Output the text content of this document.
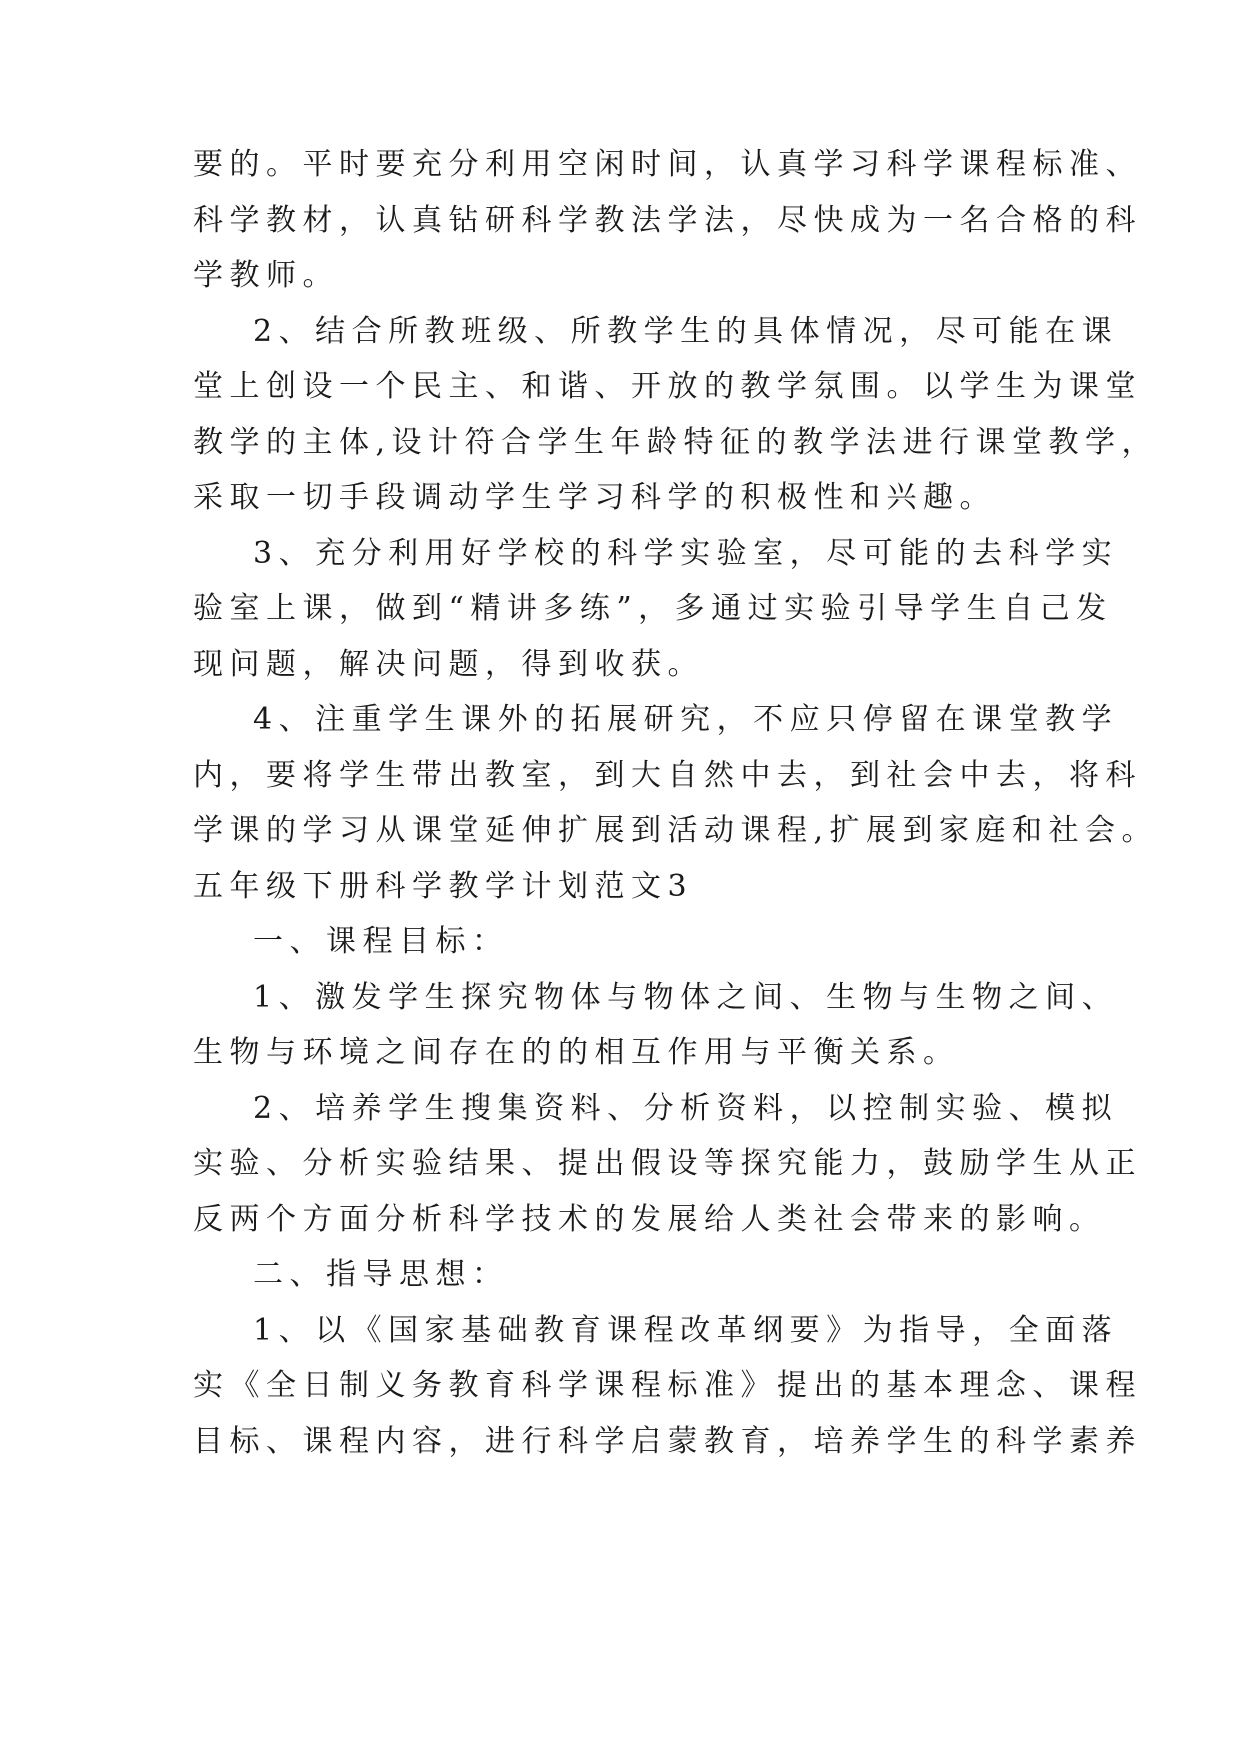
要的。平时要充分利用空闲时间，认真学习科学课程标准、
科学教材，认真钻研科学教法学法，尽快成为一名合格的科
学教师。
2、结合所教班级、所教学生的具体情况，尽可能在课
堂上创设一个民主、和谐、开放的教学氛围。以学生为课堂
教学的主体,设计符合学生年龄特征的教学法进行课堂教学，
采取一切手段调动学生学习科学的积极性和兴趣。
3、充分利用好学校的科学实验室，尽可能的去科学实
验室上课，做到“精讲多练”，多通过实验引导学生自己发
现问题，解决问题，得到收获。
4、注重学生课外的拓展研究，不应只停留在课堂教学
内，要将学生带出教室，到大自然中去，到社会中去，将科
学课的学习从课堂延伸扩展到活动课程,扩展到家庭和社会。
五年级下册科学教学计划范文3
一、课程目标：
1、激发学生探究物体与物体之间、生物与生物之间、
生物与环境之间存在的的相互作用与平衡关系。
2、培养学生搜集资料、分析资料，以控制实验、模拟
实验、分析实验结果、提出假设等探究能力，鼓励学生从正
反两个方面分析科学技术的发展给人类社会带来的影响。
二、指导思想：
1、以《国家基础教育课程改革纲要》为指导，全面落
实《全日制义务教育科学课程标准》提出的基本理念、课程
目标、课程内容，进行科学启蒙教育，培养学生的科学素养
